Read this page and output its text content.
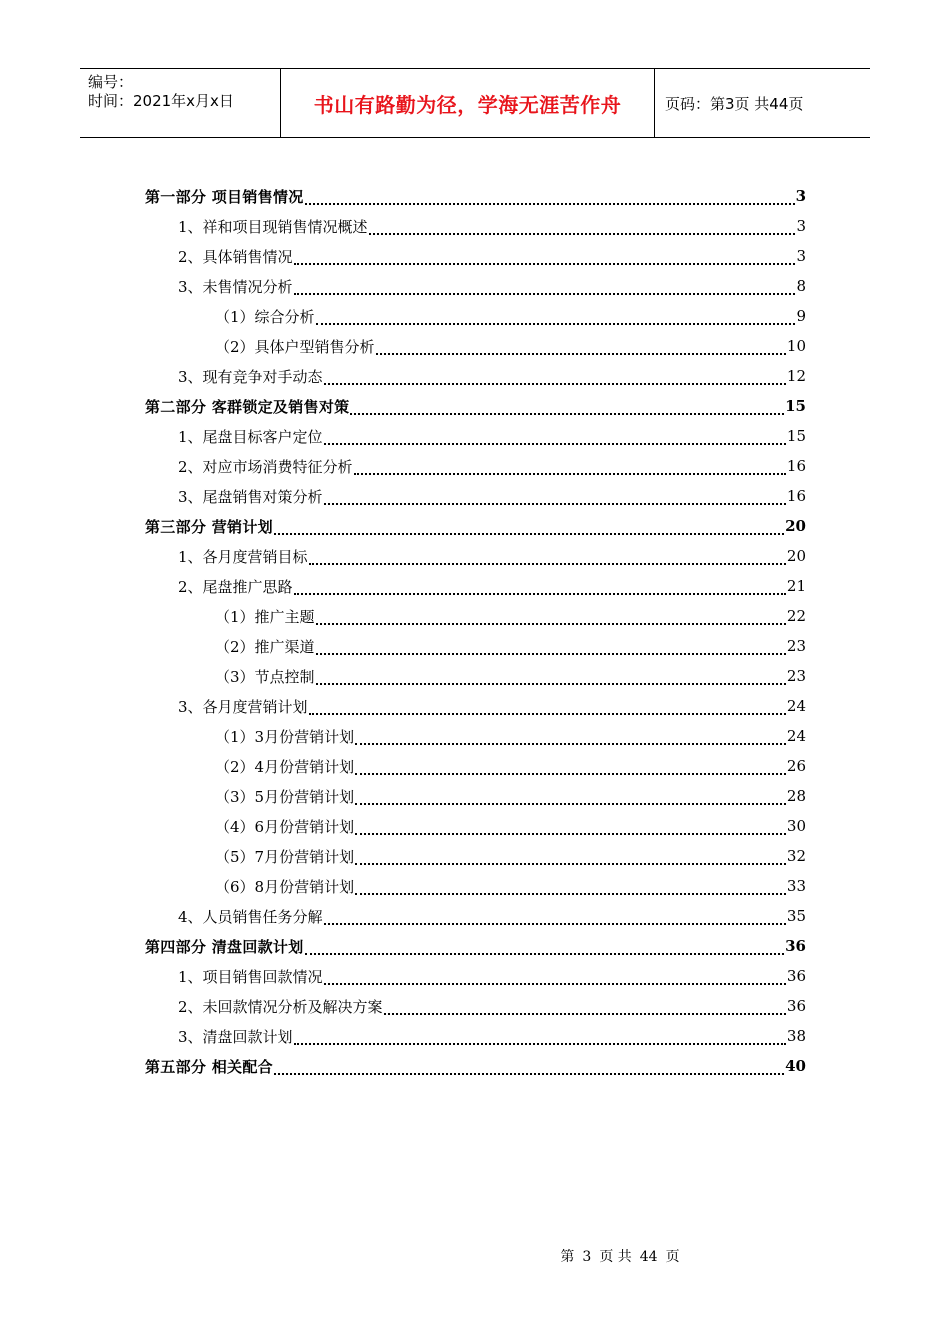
编号：
时间：2021年x月x日	书山有路勤为径，学海无涯苦作舟	页码：第3页 共44页
第一部分 项目销售情况	3
1、祥和项目现销售情况概述	3
2、具体销售情况	3
3、未售情况分析	8
（1）综合分析	9
（2）具体户型销售分析	10
3、现有竞争对手动态	12
第二部分 客群锁定及销售对策	15
1、尾盘目标客户定位	15
2、对应市场消费特征分析	16
3、尾盘销售对策分析	16
第三部分 营销计划	20
1、各月度营销目标	20
2、尾盘推广思路	21
（1）推广主题	22
（2）推广渠道	23
（3）节点控制	23
3、各月度营销计划	24
（1）3月份营销计划	24
（2）4月份营销计划	26
（3）5月份营销计划	28
（4）6月份营销计划	30
（5）7月份营销计划	32
（6）8月份营销计划	33
4、人员销售任务分解	35
第四部分 清盘回款计划	36
1、项目销售回款情况	36
2、未回款情况分析及解决方案	36
3、清盘回款计划	38
第五部分 相关配合	40
第 3 页 共 44 页
